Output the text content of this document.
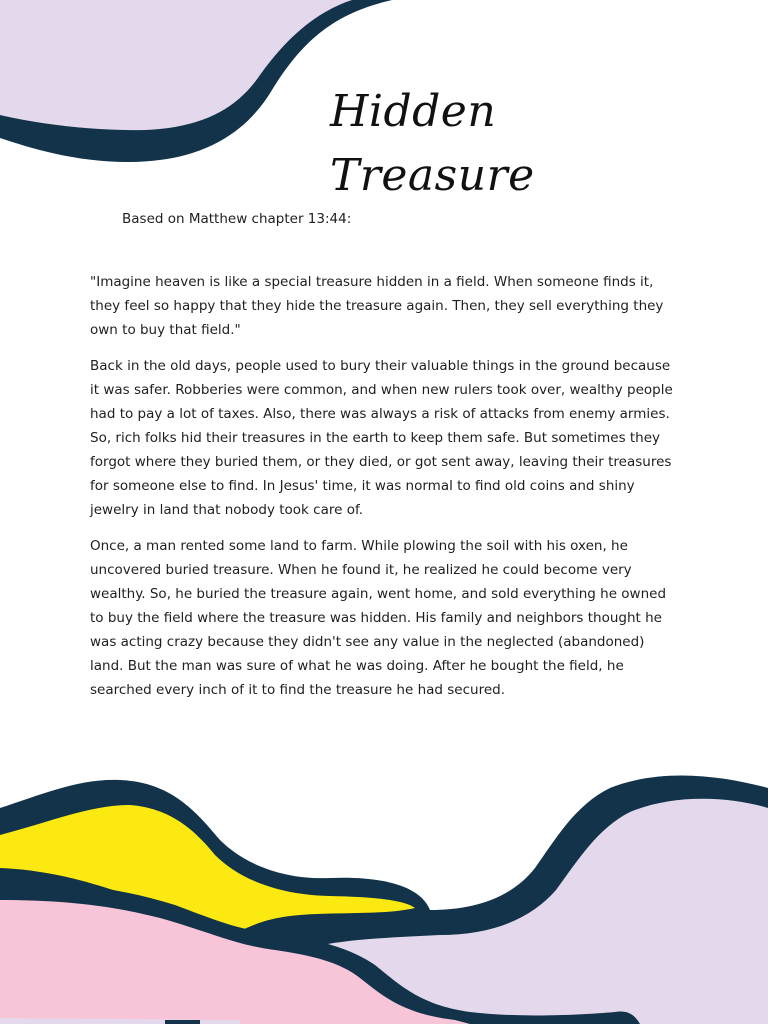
Hidden Treasure

Based on Matthew chapter 13:44:

"Imagine heaven is like a special treasure hidden in a field. When someone finds it, they feel so happy that they hide the treasure again. Then, they sell everything they own to buy that field."

Back in the old days, people used to bury their valuable things in the ground because it was safer. Robberies were common, and when new rulers took over, wealthy people had to pay a lot of taxes. Also, there was always a risk of attacks from enemy armies. So, rich folks hid their treasures in the earth to keep them safe. But sometimes they forgot where they buried them, or they died, or got sent away, leaving their treasures for someone else to find. In Jesus' time, it was normal to find old coins and shiny jewelry in land that nobody took care of.

Once, a man rented some land to farm. While plowing the soil with his oxen, he uncovered buried treasure. When he found it, he realized he could become very wealthy. So, he buried the treasure again, went home, and sold everything he owned to buy the field where the treasure was hidden. His family and neighbors thought he was acting crazy because they didn't see any value in the neglected (abandoned) land. But the man was sure of what he was doing. After he bought the field, he searched every inch of it to find the treasure he had secured.
